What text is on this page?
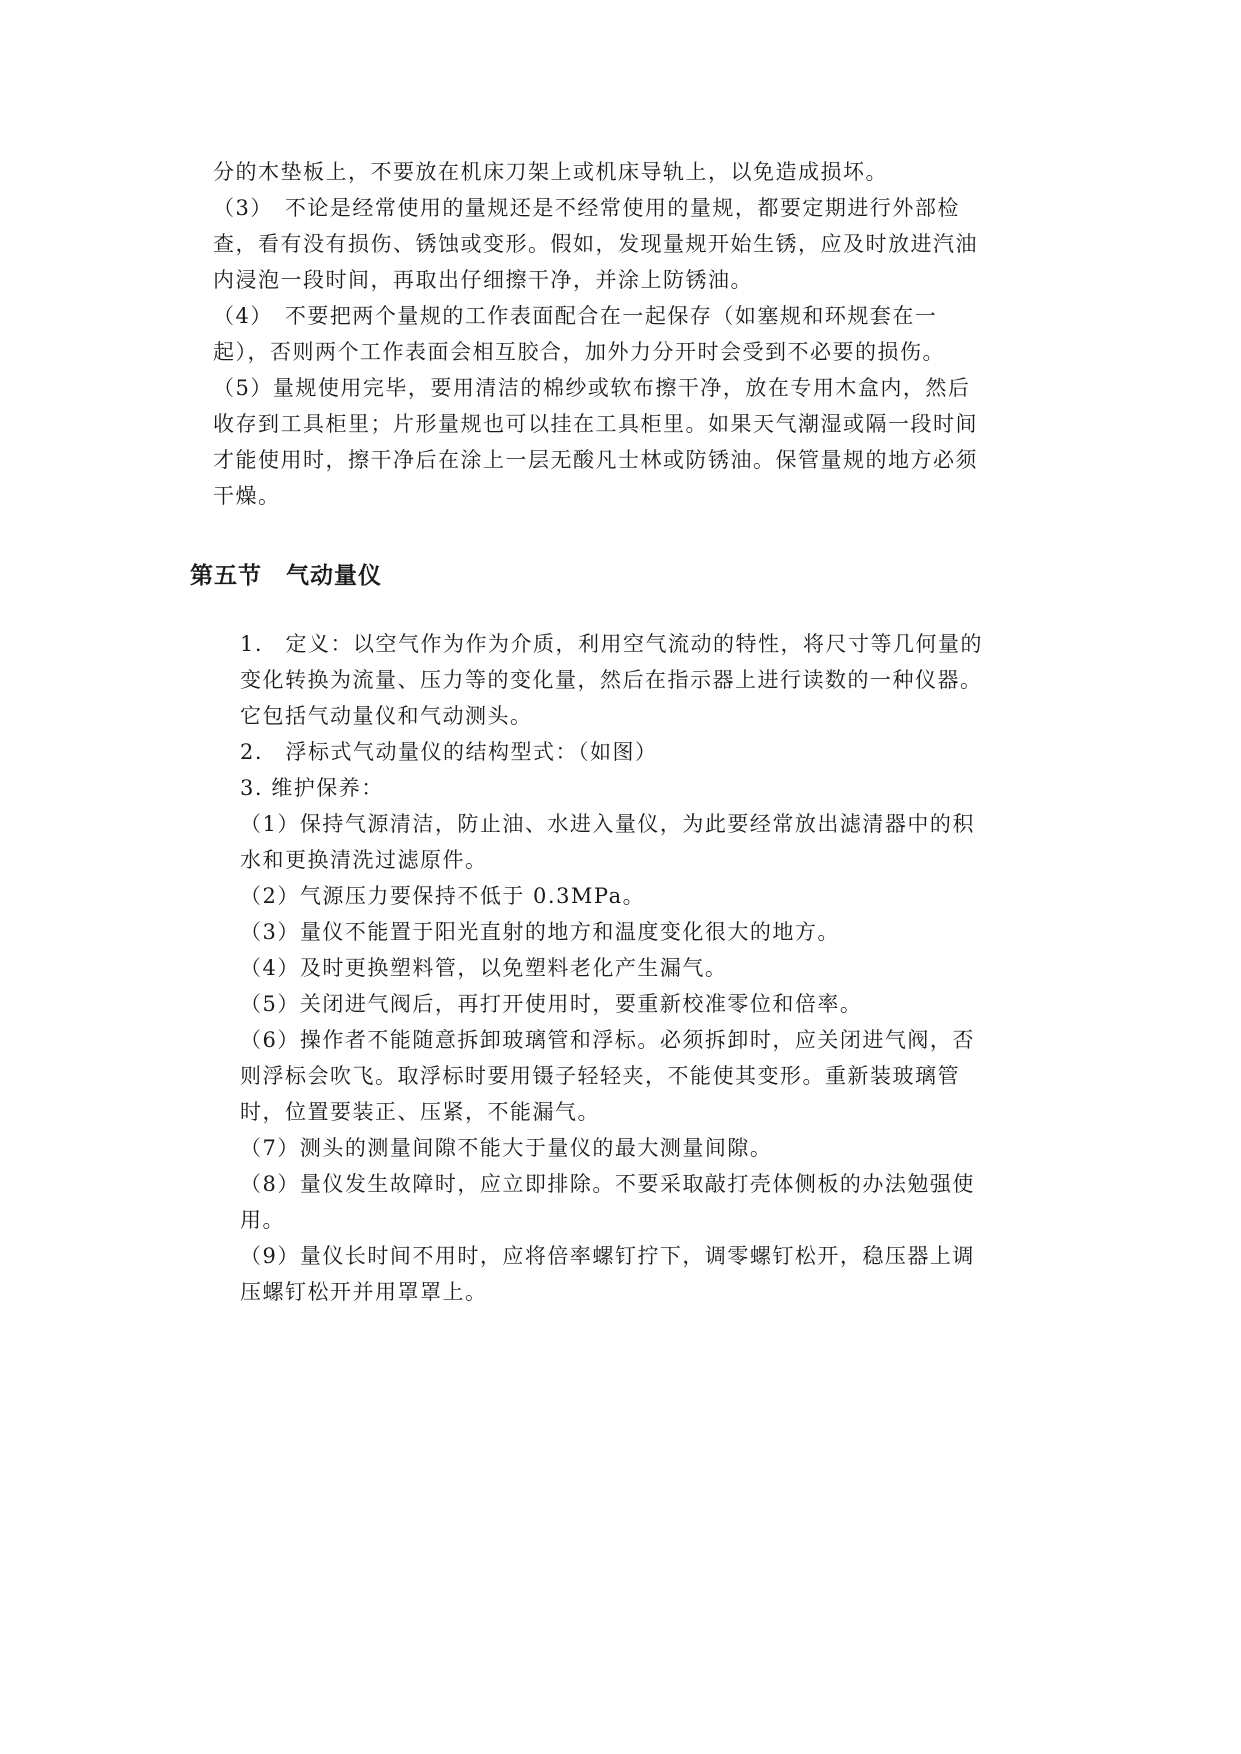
分的木垫板上，不要放在机床刀架上或机床导轨上，以免造成损坏。
（3）　不论是经常使用的量规还是不经常使用的量规，都要定期进行外部检
查，看有没有损伤、锈蚀或变形。假如，发现量规开始生锈，应及时放进汽油
内浸泡一段时间，再取出仔细擦干净，并涂上防锈油。
（4）　不要把两个量规的工作表面配合在一起保存（如塞规和环规套在一
起），否则两个工作表面会相互胶合，加外力分开时会受到不必要的损伤。
（5）量规使用完毕，要用清洁的棉纱或软布擦干净，放在专用木盒内，然后
收存到工具柜里；片形量规也可以挂在工具柜里。如果天气潮湿或隔一段时间
才能使用时，擦干净后在涂上一层无酸凡士林或防锈油。保管量规的地方必须
干燥。
第五节　气动量仪
1.　定义：以空气作为作为介质，利用空气流动的特性，将尺寸等几何量的
变化转换为流量、压力等的变化量，然后在指示器上进行读数的一种仪器。
它包括气动量仪和气动测头。
2.　浮标式气动量仪的结构型式：（如图）
3. 维护保养：
（1）保持气源清洁，防止油、水进入量仪，为此要经常放出滤清器中的积
水和更换清洗过滤原件。
（2）气源压力要保持不低于 0.3MPa。
（3）量仪不能置于阳光直射的地方和温度变化很大的地方。
（4）及时更换塑料管，以免塑料老化产生漏气。
（5）关闭进气阀后，再打开使用时，要重新校准零位和倍率。
（6）操作者不能随意拆卸玻璃管和浮标。必须拆卸时，应关闭进气阀，否
则浮标会吹飞。取浮标时要用镊子轻轻夹，不能使其变形。重新装玻璃管
时，位置要装正、压紧，不能漏气。
（7）测头的测量间隙不能大于量仪的最大测量间隙。
（8）量仪发生故障时，应立即排除。不要采取敲打壳体侧板的办法勉强使
用。
（9）量仪长时间不用时，应将倍率螺钉拧下，调零螺钉松开，稳压器上调
压螺钉松开并用罩罩上。
